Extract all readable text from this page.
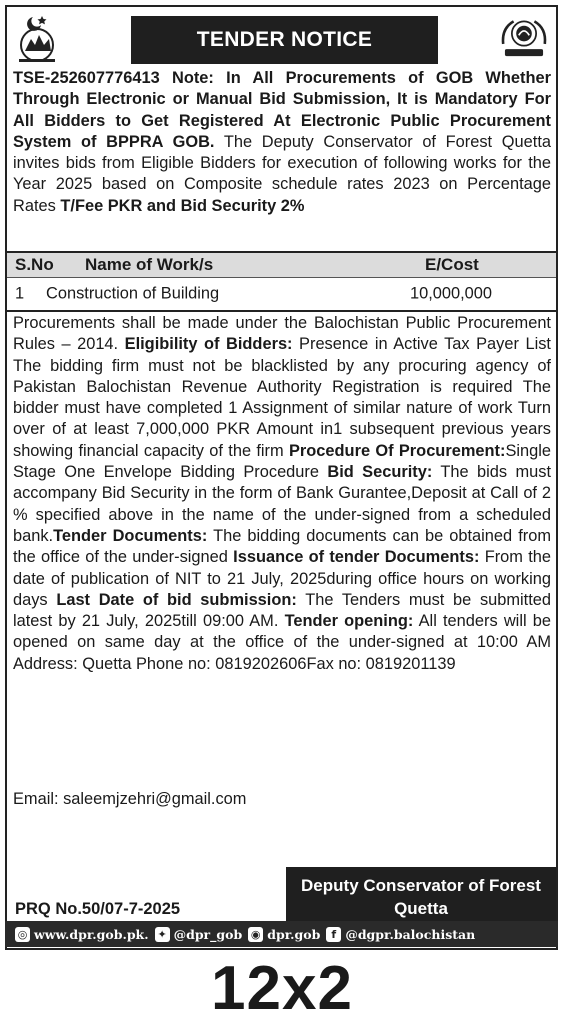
TENDER NOTICE

TSE-252607776413 Note: In All Procurements of GOB Whether Through Electronic or Manual Bid Submission, It is Mandatory For All Bidders to Get Registered At Electronic Public Procurement System of BPPRA GOB. The Deputy Conservator of Forest Quetta invites bids from Eligible Bidders for execution of following works for the Year 2025 based on Composite schedule rates 2023 on Percentage Rates T/Fee PKR and Bid Security 2%

S.No Name of Work/s	E/Cost
1 Construction of Building	10,000,000

Procurements shall be made under the Balochistan Public Procurement Rules – 2014. Eligibility of Bidders: Presence in Active Tax Payer List The bidding firm must not be blacklisted by any procuring agency of Pakistan Balochistan Revenue Authority Registration is required The bidder must have completed 1 Assignment of similar nature of work Turn over of at least 7,000,000 PKR Amount in1 subsequent previous years showing financial capacity of the firm Procedure Of Procurement:Single Stage One Envelope Bidding Procedure Bid Security: The bids must accompany Bid Security in the form of Bank Gurantee,Deposit at Call of 2 % specified above in the name of the under-signed from a scheduled bank.Tender Documents: The bidding documents can be obtained from the office of the under-signed Issuance of tender Documents: From the date of publication of NIT to 21 July, 2025during office hours on working days Last Date of bid submission: The Tenders must be submitted latest by 21 July, 2025till 09:00 AM. Tender opening: All tenders will be opened on same day at the office of the under-signed at 10:00 AM Address: Quetta Phone no: 0819202606Fax no: 0819201139

Email: saleemjzehri@gmail.com
PRQ No.50/07-7-2025
Deputy Conservator of Forest
Quetta
◎ www.dpr.gob.pk. ✦ @dpr_gob ◉ dpr.gob	f @dgpr.balochistan
12x2
